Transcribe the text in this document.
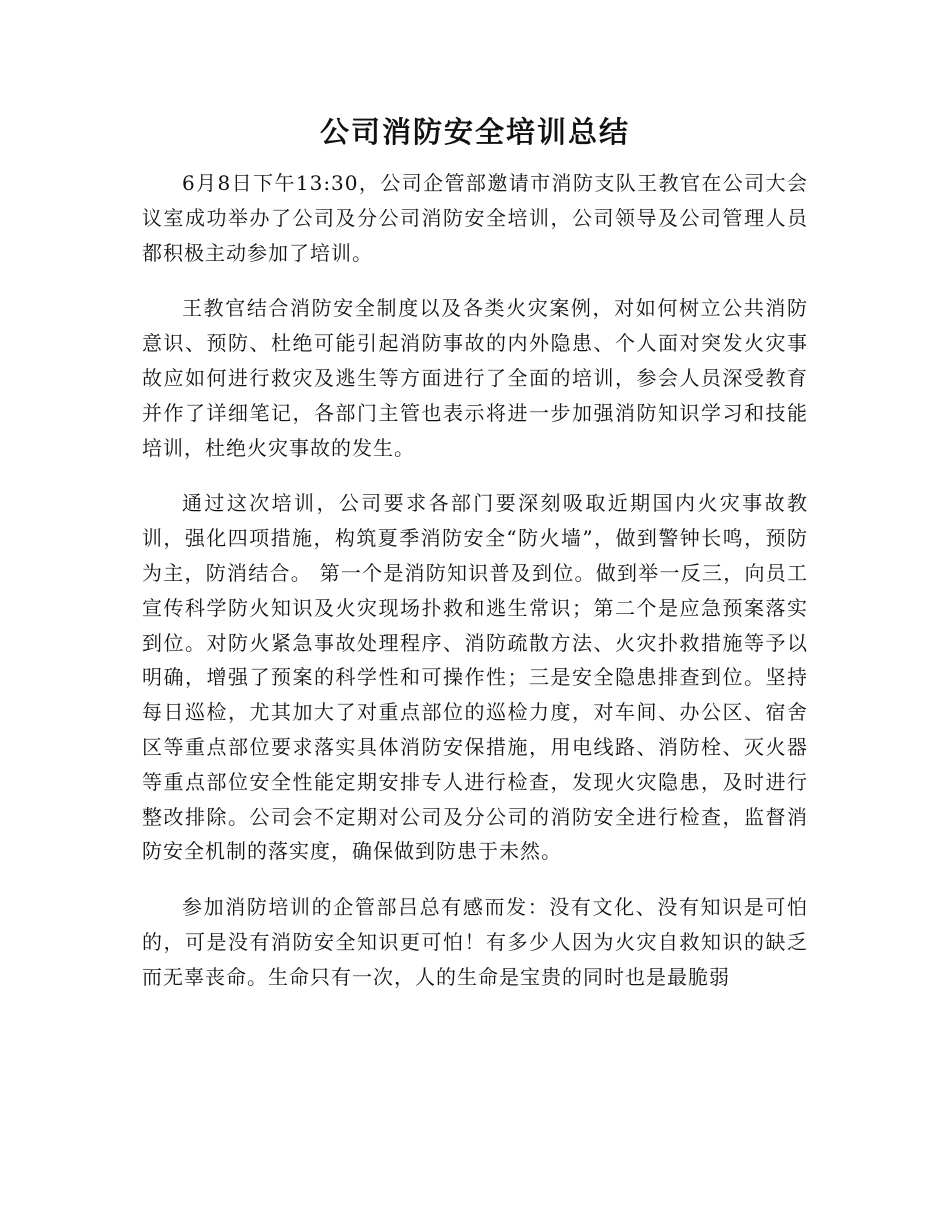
公司消防安全培训总结

6月8日下午13:30，公司企管部邀请市消防支队王教官在公司大会议室成功举办了公司及分公司消防安全培训，公司领导及公司管理人员都积极主动参加了培训。

王教官结合消防安全制度以及各类火灾案例，对如何树立公共消防意识、预防、杜绝可能引起消防事故的内外隐患、个人面对突发火灾事故应如何进行救灾及逃生等方面进行了全面的培训，参会人员深受教育并作了详细笔记，各部门主管也表示将进一步加强消防知识学习和技能培训，杜绝火灾事故的发生。

通过这次培训，公司要求各部门要深刻吸取近期国内火灾事故教训，强化四项措施，构筑夏季消防安全“防火墙”，做到警钟长鸣，预防为主，防消结合。 第一个是消防知识普及到位。做到举一反三，向员工宣传科学防火知识及火灾现场扑救和逃生常识；第二个是应急预案落实到位。对防火紧急事故处理程序、消防疏散方法、火灾扑救措施等予以明确，增强了预案的科学性和可操作性；三是安全隐患排查到位。坚持每日巡检，尤其加大了对重点部位的巡检力度，对车间、办公区、宿舍区等重点部位要求落实具体消防安保措施，用电线路、消防栓、灭火器等重点部位安全性能定期安排专人进行检查，发现火灾隐患，及时进行整改排除。公司会不定期对公司及分公司的消防安全进行检查，监督消防安全机制的落实度，确保做到防患于未然。

参加消防培训的企管部吕总有感而发：没有文化、没有知识是可怕的，可是没有消防安全知识更可怕！有多少人因为火灾自救知识的缺乏而无辜丧命。生命只有一次，人的生命是宝贵的同时也是最脆弱
